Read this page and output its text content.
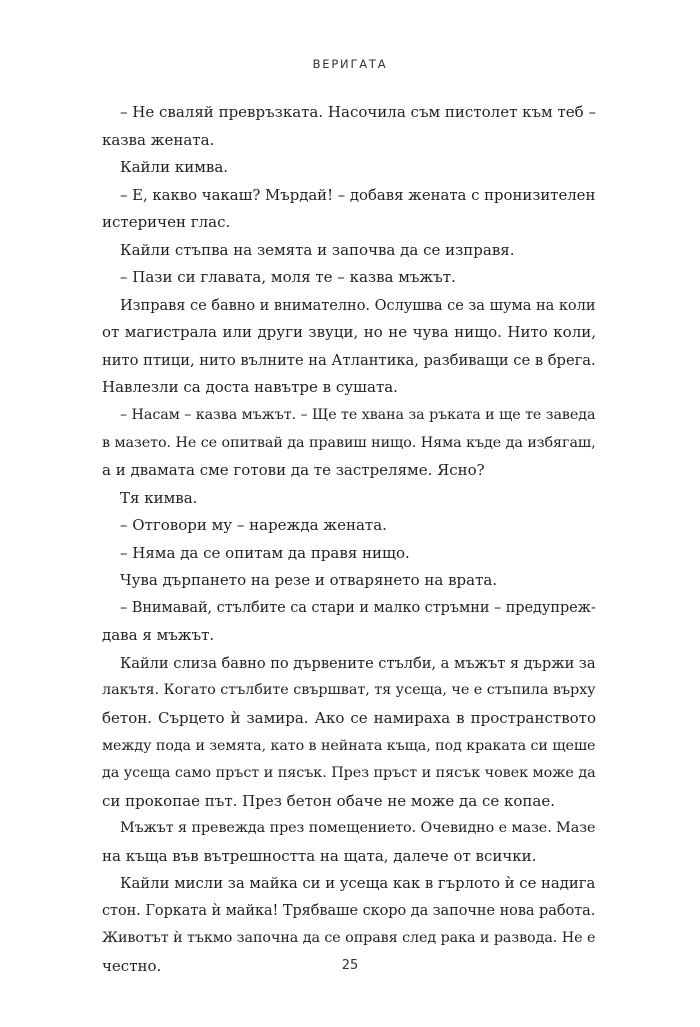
ВЕРИГАТА

– Не сваляй превръзката. Насочила съм пистолет към теб –

казва жената.

Кайли кимва.

– Е, какво чакаш? Мърдай! – добавя жената с пронизителен

истеричен глас.

Кайли стъпва на земята и започва да се изправя.

– Пази си главата, моля те – казва мъжът.

Изправя се бавно и внимателно. Ослушва се за шума на коли

от магистрала или други звуци, но не чува нищо. Нито коли,

нито птици, нито вълните на Атлантика, разбиващи се в брега.

Навлезли са доста навътре в сушата.

– Насам – казва мъжът. – Ще те хвана за ръката и ще те заведа

в мазето. Не се опитвай да правиш нищо. Няма къде да избягаш,

а и двамата сме готови да те застреляме. Ясно?

Тя кимва.

– Отговори му – нарежда жената.

– Няма да се опитам да правя нищо.

Чува дърпането на резе и отварянето на врата.

– Внимавай, стълбите са стари и малко стръмни – предупреж-

дава я мъжът.

Кайли слиза бавно по дървените стълби, а мъжът я държи за

лакътя. Когато стълбите свършват, тя усеща, че е стъпила върху

бетон. Сърцето ѝ замира. Ако се намираха в пространството

между пода и земята, като в нейната къща, под краката си щеше

да усеща само пръст и пясък. През пръст и пясък човек може да

си прокопае път. През бетон обаче не може да се копае.

Мъжът я превежда през помещението. Очевидно е мазе. Мазе

на къща във вътрешността на щата, далече от всички.

Кайли мисли за майка си и усеща как в гърлото ѝ се надига

стон. Горката ѝ майка! Трябваше скоро да започне нова работа.

Животът ѝ тъкмо започна да се оправя след рака и развода. Не е

честно.	25
